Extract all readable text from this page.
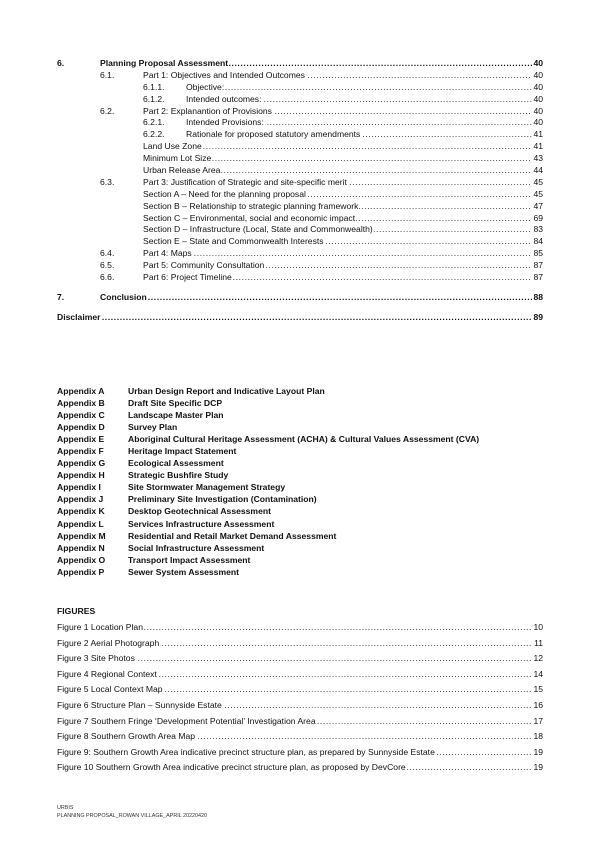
6.	Planning Proposal Assessment .....	40
6.1.	Part 1: Objectives and Intended Outcomes .....	40
6.1.1. Objective: .....	40
6.1.2. Intended outcomes: .....	40
6.2.	Part 2: Explanantion of Provisions .....	40
6.2.1. Intended Provisions: .....	40
6.2.2. Rationale for proposed statutory amendments .....	41
Land Use Zone .....	41
Minimum Lot Size .....	43
Urban Release Area .....	44
6.3.	Part 3: Justification of Strategic and site-specific merit .....	45
Section A – Need for the planning proposal .....	45
Section B – Relationship to strategic planning framework .....	47
Section C – Environmental, social and economic impact .....	69
Section D – Infrastructure (Local, State and Commonwealth) .....	83
Section E – State and Commonwealth Interests .....	84
6.4.	Part 4: Maps .....	85
6.5.	Part 5: Community Consultation .....	87
6.6.	Part 6: Project Timeline .....	87
7.	Conclusion .....	88
Disclaimer .....	89
Appendix A	Urban Design Report and Indicative Layout Plan
Appendix B	Draft Site Specific DCP
Appendix C	Landscape Master Plan
Appendix D	Survey Plan
Appendix E	Aboriginal Cultural Heritage Assessment (ACHA) & Cultural Values Assessment (CVA)
Appendix F	Heritage Impact Statement
Appendix G	Ecological Assessment
Appendix H	Strategic Bushfire Study
Appendix I	Site Stormwater Management Strategy
Appendix J	Preliminary Site Investigation (Contamination)
Appendix K	Desktop Geotechnical Assessment
Appendix L	Services Infrastructure Assessment
Appendix M	Residential and Retail Market Demand Assessment
Appendix N	Social Infrastructure Assessment
Appendix O	Transport Impact Assessment
Appendix P	Sewer System Assessment
FIGURES
Figure 1 Location Plan .....	10
Figure 2 Aerial Photograph .....	11
Figure 3 Site Photos .....	12
Figure 4 Regional Context .....	14
Figure 5 Local Context Map .....	15
Figure 6 Structure Plan – Sunnyside Estate .....	16
Figure 7 Southern Fringe ‘Development Potential’ Investigation Area .....	17
Figure 8 Southern Growth Area Map .....	18
Figure 9: Southern Growth Area indicative precinct structure plan, as prepared by Sunnyside Estate .....	19
Figure 10 Southern Growth Area indicative precinct structure plan, as proposed by DevCore .....	19
URBIS
PLANNING PROPOSAL_ROWAN VILLAGE_APRIL 20220420
